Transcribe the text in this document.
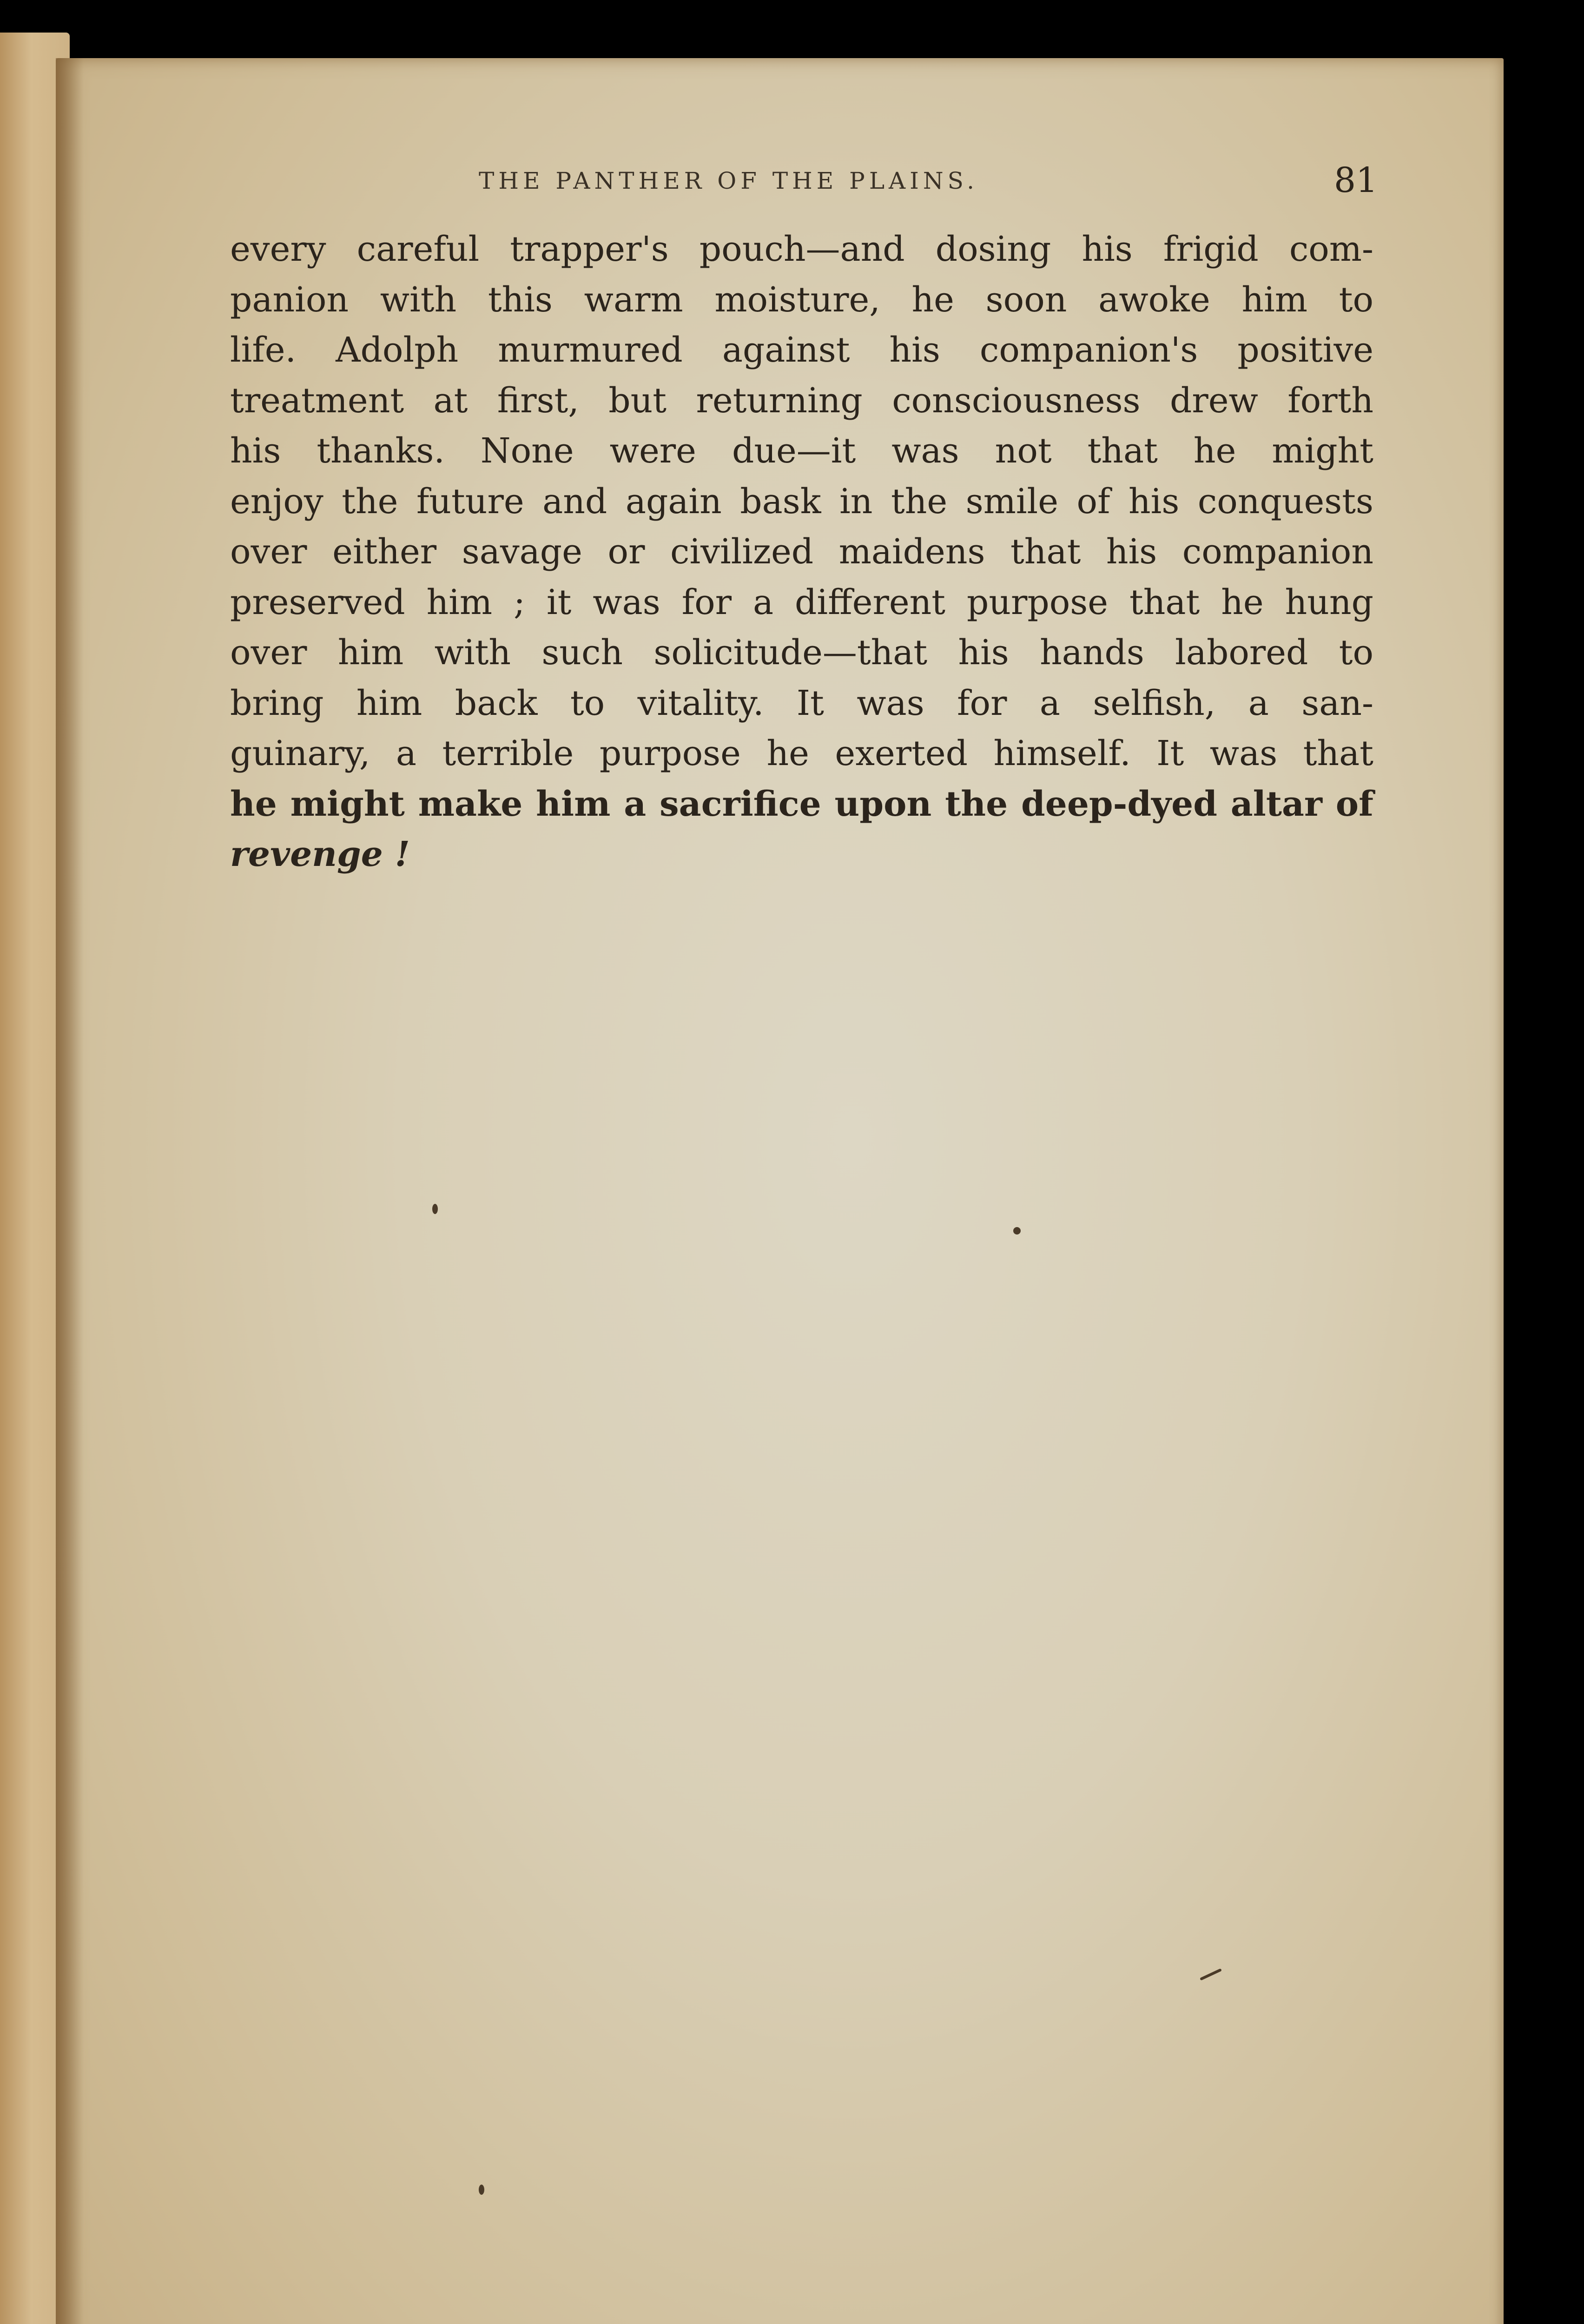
THE PANTHER OF THE PLAINS.	81
every careful trapper's pouch—and dosing his frigid com-
panion with this warm moisture, he soon awoke him to
life. Adolph murmured against his companion's positive
treatment at first, but returning consciousness drew forth
his thanks. None were due—it was not that he might
enjoy the future and again bask in the smile of his conquests
over either savage or civilized maidens that his companion
preserved him ; it was for a different purpose that he hung
over him with such solicitude—that his hands labored to
bring him back to vitality. It was for a selfish, a san-
guinary, a terrible purpose he exerted himself. It was that
he might make him a sacrifice upon the deep-dyed altar of
revenge !
